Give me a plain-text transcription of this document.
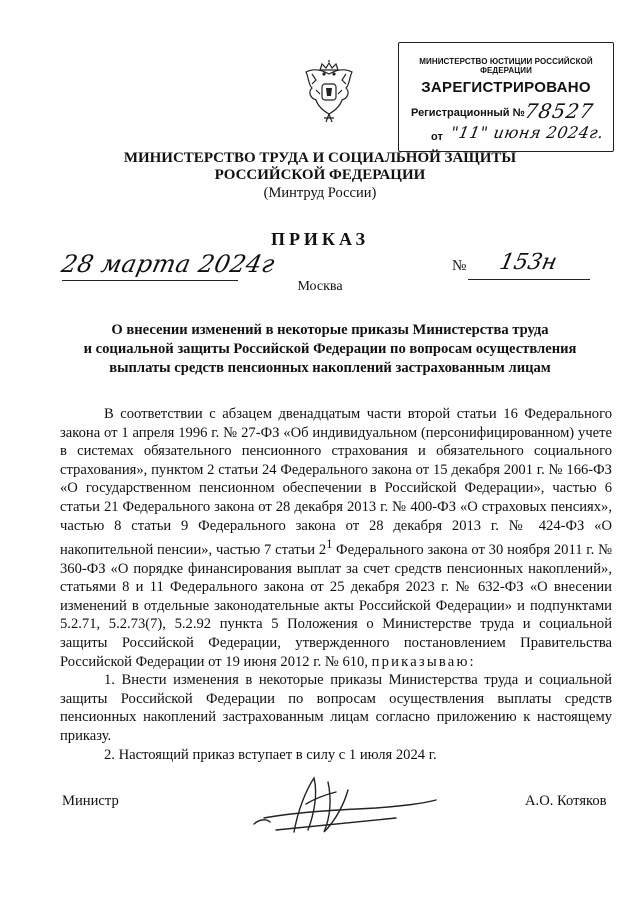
МИНИСТЕРСТВО ЮСТИЦИИ РОССИЙСКОЙ ФЕДЕРАЦИИ
ЗАРЕГИСТРИРОВАНО
Регистрационный №
78527
от "11" июня 2024г.
МИНИСТЕРСТВО ТРУДА И СОЦИАЛЬНОЙ ЗАЩИТЫ
РОССИЙСКОЙ ФЕДЕРАЦИИ
(Минтруд России)
ПРИКАЗ
28 марта 2024г
Москва
№ 153н
О внесении изменений в некоторые приказы Министерства труда
и социальной защиты Российской Федерации по вопросам осуществления
выплаты средств пенсионных накоплений застрахованным лицам

В соответствии с абзацем двенадцатым части второй статьи 16 Федерального закона от 1 апреля 1996 г. № 27-ФЗ «Об индивидуальном (персонифицированном) учете в системах обязательного пенсионного страхования и обязательного социального страхования», пунктом 2 статьи 24 Федерального закона от 15 декабря 2001 г. № 166-ФЗ «О государственном пенсионном обеспечении в Российской Федерации», частью 6 статьи 21 Федерального закона от 28 декабря 2013 г. № 400-ФЗ «О страховых пенсиях», частью 8 статьи 9 Федерального закона от 28 декабря 2013 г. № 424-ФЗ «О накопительной пенсии», частью 7 статьи $2^1$ Федерального закона от 30 ноября 2011 г. № 360-ФЗ «О порядке финансирования выплат за счет средств пенсионных накоплений», статьями 8 и 11 Федерального закона от 25 декабря 2023 г. № 632-ФЗ «О внесении изменений в отдельные законодательные акты Российской Федерации» и подпунктами 5.2.71, 5.2.73(7), 5.2.92 пункта 5 Положения о Министерстве труда и социальной защиты Российской Федерации, утвержденного постановлением Правительства Российской Федерации от 19 июня 2012 г. № 610, приказываю:

1. Внести изменения в некоторые приказы Министерства труда и социальной защиты Российской Федерации по вопросам осуществления выплаты средств пенсионных накоплений застрахованным лицам согласно приложению к настоящему приказу.

2. Настоящий приказ вступает в силу с 1 июля 2024 г.

Министр	А.О. Котяков
